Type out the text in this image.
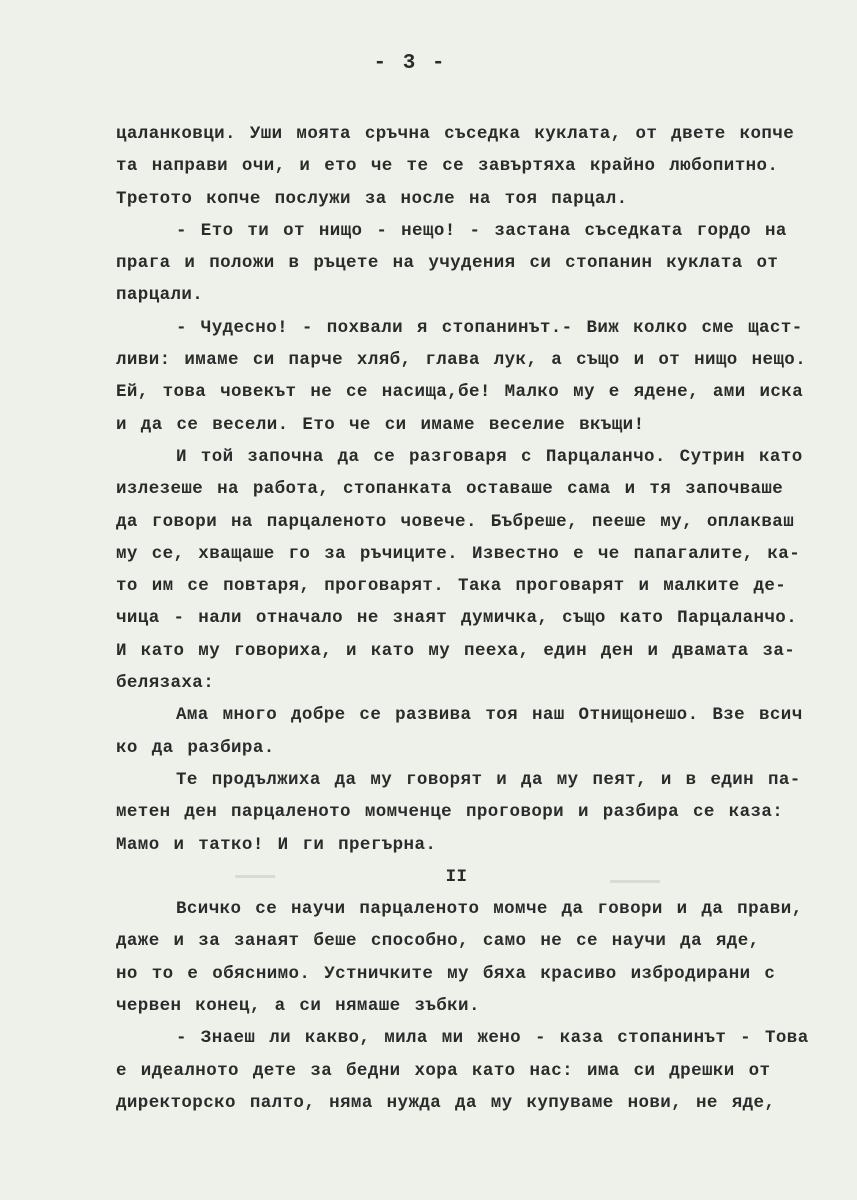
- 3 -
цаланковци. Уши моята сръчна съседка куклата, от двете копче
та направи очи, и ето че те се завъртяха крайно любопитно.
Третото копче послужи за носле на тоя парцал.
- Ето ти от нищо - нещо! - застана съседката гордо на
прага и положи в ръцете на учудения си стопанин куклата от
парцали.
- Чудесно! - похвали я стопанинът.- Виж колко сме щаст-
ливи: имаме си парче хляб, глава лук, а също и от нищо нещо.
Ей, това човекът не се насища,бе! Малко му е ядене, ами иска
и да се весели. Ето че си имаме веселие вкъщи!
И той започна да се разговаря с Парцаланчо. Сутрин като
излезеше на работа, стопанката оставаше сама и тя започваше
да говори на парцаленото човече. Бъбреше, пееше му, оплакваш
му се, хващаше го за ръчиците. Известно е че папагалите, ка-
то им се повтаря, проговарят. Така проговарят и малките де-
чица - нали отначало не знаят думичка, също като Парцаланчо.
И като му говориха, и като му пееха, един ден и двамата за-
белязаха:
Ама много добре се развива тоя наш Отнищонешо. Взе всич
ко да разбира.
Те продължиха да му говорят и да му пеят, и в един па-
метен ден парцаленото момченце проговори и разбира се каза:
Мамо и татко! И ги прегърна.
II
Всичко се научи парцаленото момче да говори и да прави,
даже и за занаят беше способно, само не се научи да яде,
но то е обяснимо. Устничките му бяха красиво избродирани с
червен конец, а си нямаше зъбки.
- Знаеш ли какво, мила ми жено - каза стопанинът - Това
е идеалното дете за бедни хора като нас: има си дрешки от
директорско палто, няма нужда да му купуваме нови, не яде,
